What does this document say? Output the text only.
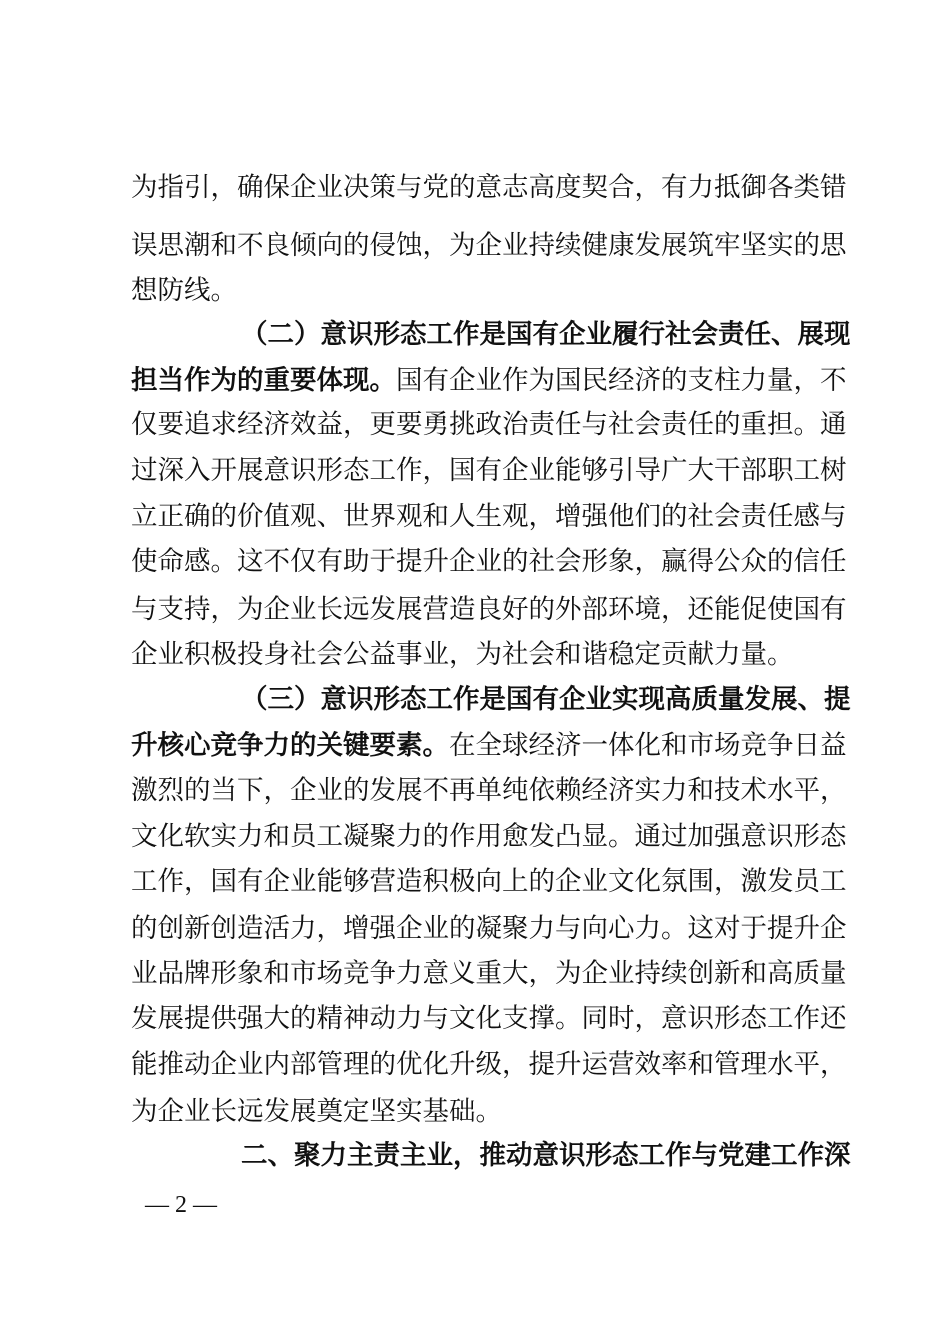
为指引，确保企业决策与党的意志高度契合，有力抵御各类错
误思潮和不良倾向的侵蚀，为企业持续健康发展筑牢坚实的思
想防线。
（二）意识形态工作是国有企业履行社会责任、展现
担当作为的重要体现。国有企业作为国民经济的支柱力量，不
仅要追求经济效益，更要勇挑政治责任与社会责任的重担。通
过深入开展意识形态工作，国有企业能够引导广大干部职工树
立正确的价值观、世界观和人生观，增强他们的社会责任感与
使命感。这不仅有助于提升企业的社会形象，赢得公众的信任
与支持，为企业长远发展营造良好的外部环境，还能促使国有
企业积极投身社会公益事业，为社会和谐稳定贡献力量。
（三）意识形态工作是国有企业实现高质量发展、提
升核心竞争力的关键要素。在全球经济一体化和市场竞争日益
激烈的当下，企业的发展不再单纯依赖经济实力和技术水平，
文化软实力和员工凝聚力的作用愈发凸显。通过加强意识形态
工作，国有企业能够营造积极向上的企业文化氛围，激发员工
的创新创造活力，增强企业的凝聚力与向心力。这对于提升企
业品牌形象和市场竞争力意义重大，为企业持续创新和高质量
发展提供强大的精神动力与文化支撑。同时，意识形态工作还
能推动企业内部管理的优化升级，提升运营效率和管理水平，
为企业长远发展奠定坚实基础。
二、聚力主责主业，推动意识形态工作与党建工作深
— 2 —
